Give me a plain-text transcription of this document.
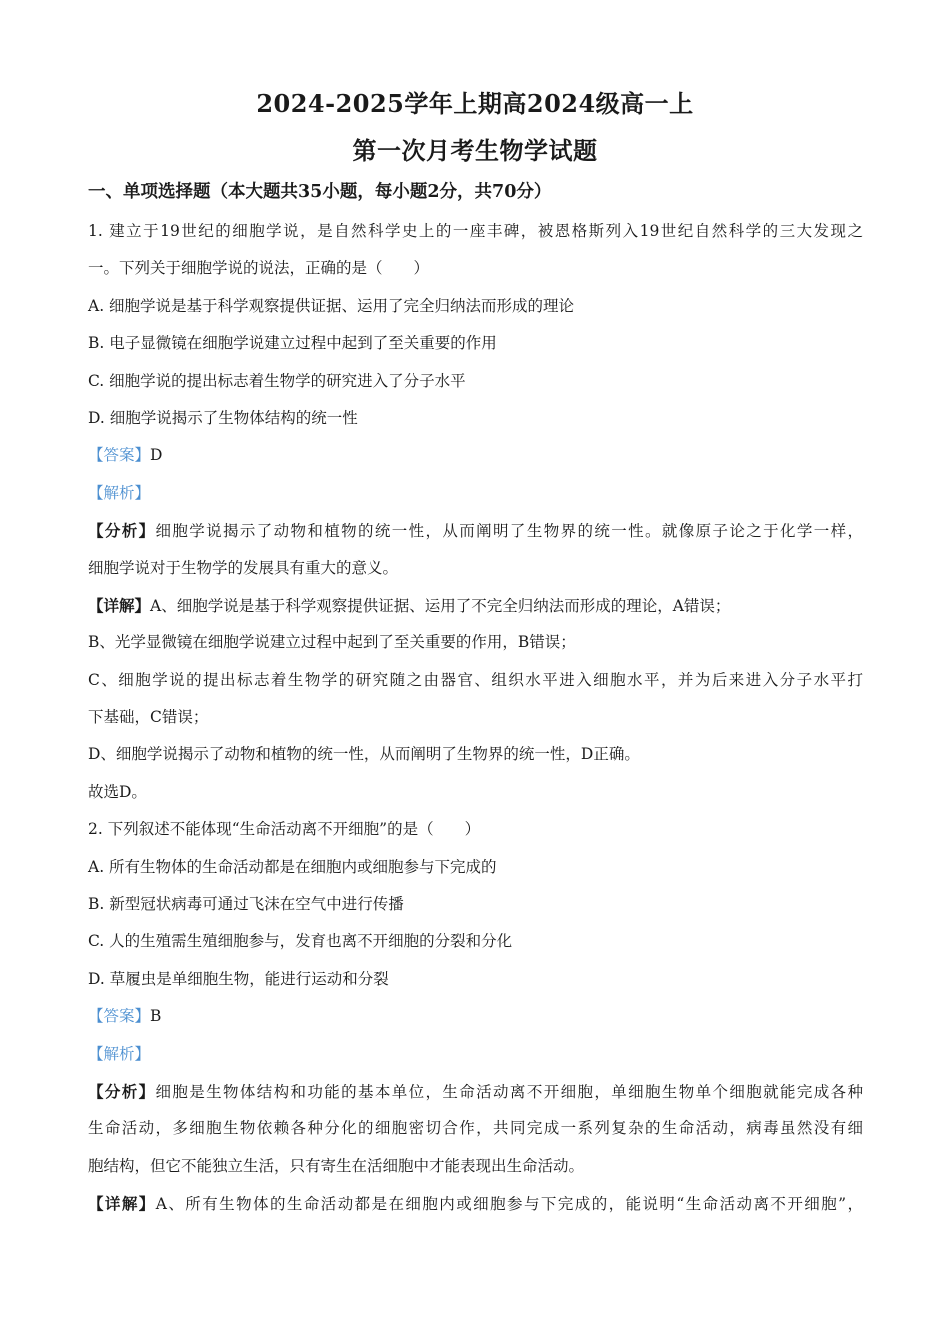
2024-2025学年上期高2024级高一上
第一次月考生物学试题
一、单项选择题（本大题共35小题，每小题2分，共70分）
1. 建立于19世纪的细胞学说，是自然科学史上的一座丰碑，被恩格斯列入19世纪自然科学的三大发现之
一。下列关于细胞学说的说法，正确的是（　　）
A. 细胞学说是基于科学观察提供证据、运用了完全归纳法而形成的理论
B. 电子显微镜在细胞学说建立过程中起到了至关重要的作用
C. 细胞学说的提出标志着生物学的研究进入了分子水平
D. 细胞学说揭示了生物体结构的统一性
【答案】D
【解析】
【分析】细胞学说揭示了动物和植物的统一性，从而阐明了生物界的统一性。就像原子论之于化学一样，
细胞学说对于生物学的发展具有重大的意义。
【详解】A、细胞学说是基于科学观察提供证据、运用了不完全归纳法而形成的理论，A错误；
B、光学显微镜在细胞学说建立过程中起到了至关重要的作用，B错误；
C、细胞学说的提出标志着生物学的研究随之由器官、组织水平进入细胞水平，并为后来进入分子水平打
下基础，C错误；
D、细胞学说揭示了动物和植物的统一性，从而阐明了生物界的统一性，D正确。
故选D。
2. 下列叙述不能体现“生命活动离不开细胞”的是（　　）
A. 所有生物体的生命活动都是在细胞内或细胞参与下完成的
B. 新型冠状病毒可通过飞沫在空气中进行传播
C. 人的生殖需生殖细胞参与，发育也离不开细胞的分裂和分化
D. 草履虫是单细胞生物，能进行运动和分裂
【答案】B
【解析】
【分析】细胞是生物体结构和功能的基本单位，生命活动离不开细胞，单细胞生物单个细胞就能完成各种
生命活动，多细胞生物依赖各种分化的细胞密切合作，共同完成一系列复杂的生命活动，病毒虽然没有细
胞结构，但它不能独立生活，只有寄生在活细胞中才能表现出生命活动。
【详解】A、所有生物体的生命活动都是在细胞内或细胞参与下完成的，能说明“生命活动离不开细胞”，
